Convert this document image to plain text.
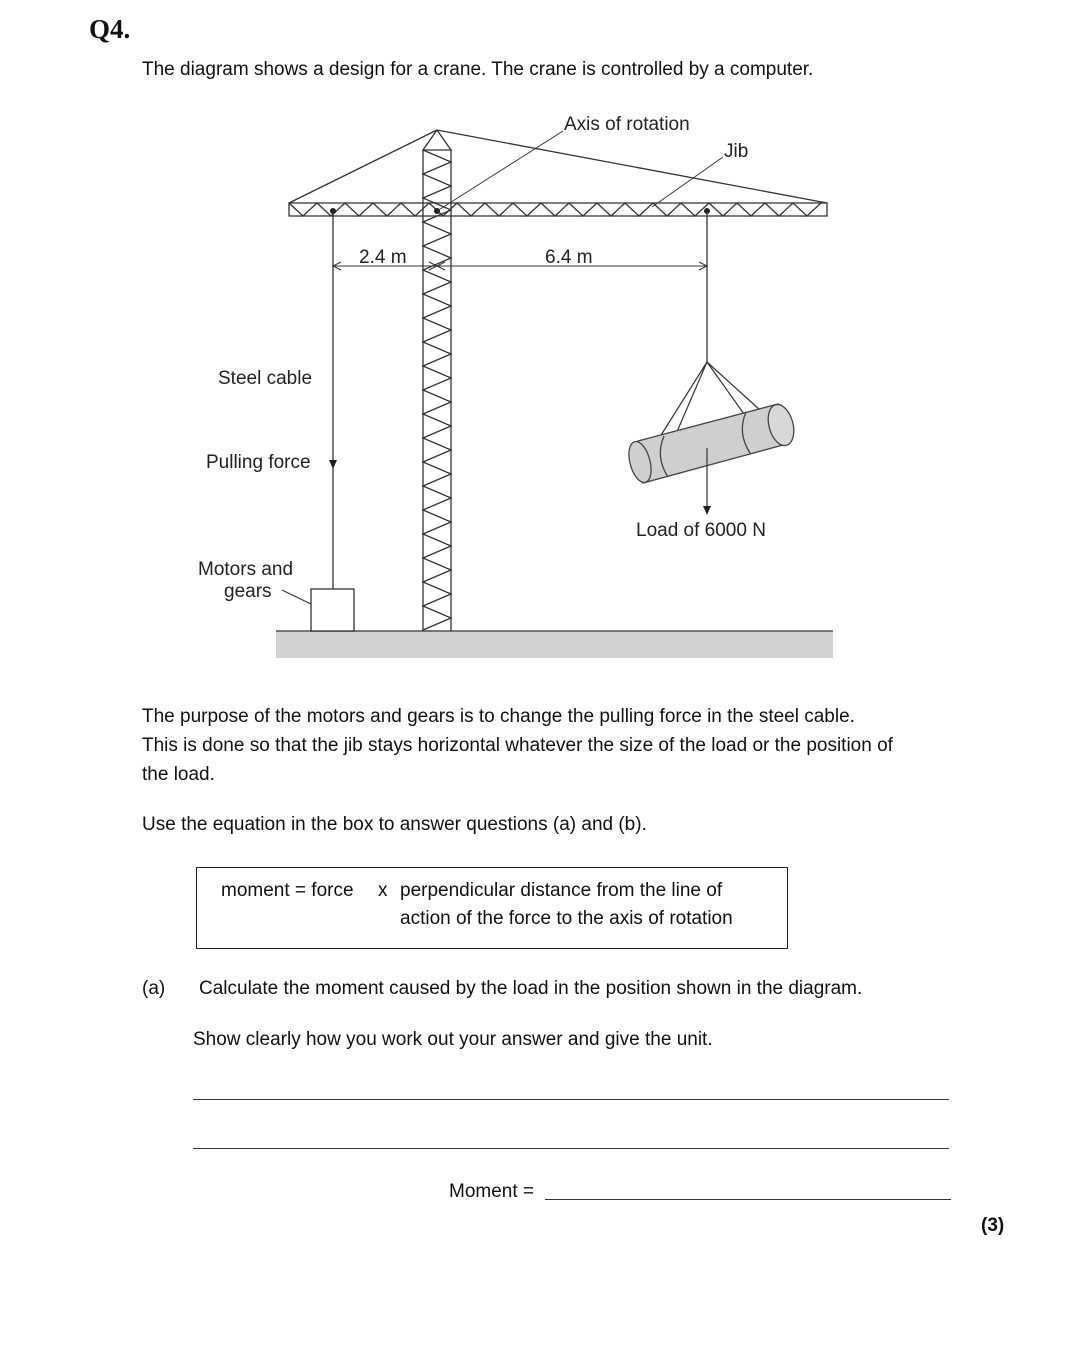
Q4.
The diagram shows a design for a crane. The crane is controlled by a computer.
Axis of rotation
Jib
2.4 m	6.4 m
Steel cable
Pulling force
Motors and
gears
Load of 6000 N
The purpose of the motors and gears is to change the pulling force in the steel cable.
This is done so that the jib stays horizontal whatever the size of the load or the position of
the load.
Use the equation in the box to answer questions (a) and (b).
moment = force x perpendicular distance from the line of
action of the force to the axis of rotation
(a) Calculate the moment caused by the load in the position shown in the diagram.
Show clearly how you work out your answer and give the unit.
Moment =
(3)
